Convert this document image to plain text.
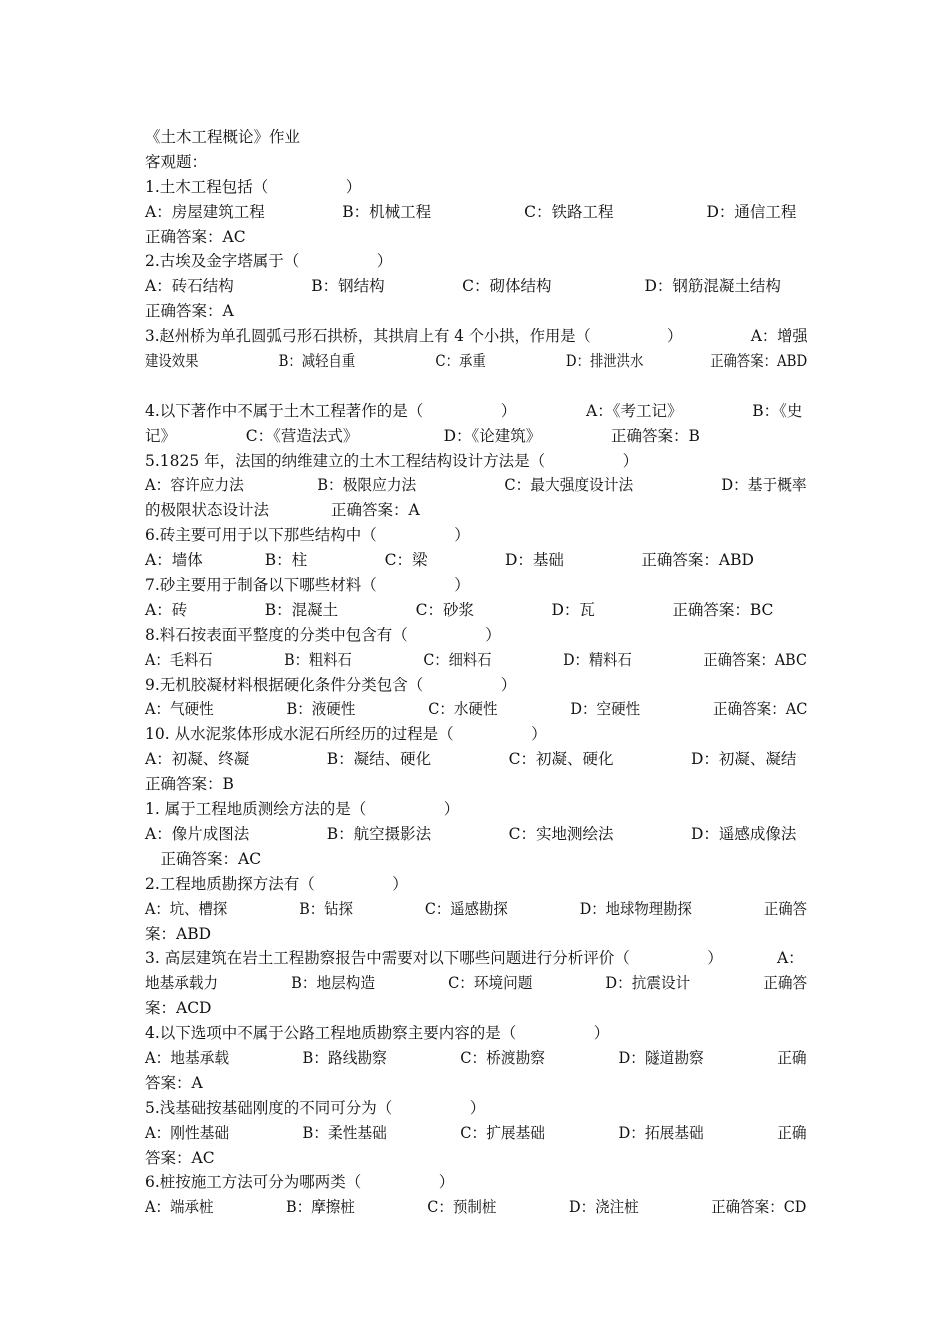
《土木工程概论》作业
客观题：
1.土木工程包括（　　　　　）
A：房屋建筑工程　　　　　B：机械工程　　　　　　C：铁路工程　　　　　　D：通信工程
正确答案：AC
2.古埃及金字塔属于（　　　　　）
A：砖石结构　　　　　B：钢结构　　　　　C：砌体结构　　　　　　D：钢筋混凝土结构
正确答案：A
3.赵州桥为单孔圆弧弓形石拱桥，其拱肩上有 4 个小拱，作用是（　　　　　）　　　　　A：增强
建设效果　　　　　　B：减轻自重　　　　　　C：承重　　　　　　D：排泄洪水　　　　　正确答案：ABD
4.以下著作中不属于土木工程著作的是（　　　　　）　　　　　A：《考工记》　　　　　B：《史
记》　　　　　C：《营造法式》　　　　　　D：《论建筑》　　　　　正确答案：B
5.1825 年，法国的纳维建立的土木工程结构设计方法是（　　　　　）
A：容许应力法　　　　　B：极限应力法　　　　　　C：最大强度设计法　　　　　　D：基于概率
的极限状态设计法　　　　正确答案：A
6.砖主要可用于以下那些结构中（　　　　　）
A：墙体　　　　B：柱　　　　　C：梁　　　　　D：基础　　　　　正确答案：ABD
7.砂主要用于制备以下哪些材料（　　　　　）
A：砖　　　　　B：混凝土　　　　　C：砂浆　　　　　D：瓦　　　　　正确答案：BC
8.料石按表面平整度的分类中包含有（　　　　　）
A：毛料石　　　　　B：粗料石　　　　　C：细料石　　　　　D：精料石　　　　　正确答案：ABC
9.无机胶凝材料根据硬化条件分类包含（　　　　　）
A：气硬性　　　　　B：液硬性　　　　　C：水硬性　　　　　D：空硬性　　　　　正确答案：AC
10. 从水泥浆体形成水泥石所经历的过程是（　　　　　）
A：初凝、终凝　　　　　B：凝结、硬化　　　　　C：初凝、硬化　　　　　D：初凝、凝结
正确答案：B
1. 属于工程地质测绘方法的是（　　　　　）
A：像片成图法　　　　　B：航空摄影法　　　　　C：实地测绘法　　　　　D：遥感成像法
　正确答案：AC
2.工程地质勘探方法有（　　　　　）
A：坑、槽探　　　　　B：钻探　　　　　C：遥感勘探　　　　　D：地球物理勘探　　　　　正确答
案：ABD
3. 高层建筑在岩土工程勘察报告中需要对以下哪些问题进行分析评价（　　　　　）　　　　A：
地基承载力　　　　　B：地层构造　　　　　C：环境问题　　　　　D：抗震设计　　　　　正确答
案：ACD
4.以下选项中不属于公路工程地质勘察主要内容的是（　　　　　）
A：地基承载　　　　　B：路线勘察　　　　　C：桥渡勘察　　　　　D：隧道勘察　　　　　正确
答案：A
5.浅基础按基础刚度的不同可分为（　　　　　）
A：刚性基础　　　　　B：柔性基础　　　　　C：扩展基础　　　　　D：拓展基础　　　　　正确
答案：AC
6.桩按施工方法可分为哪两类（　　　　　）
A：端承桩　　　　　B：摩擦桩　　　　　C：预制桩　　　　　D：浇注桩　　　　　正确答案：CD
